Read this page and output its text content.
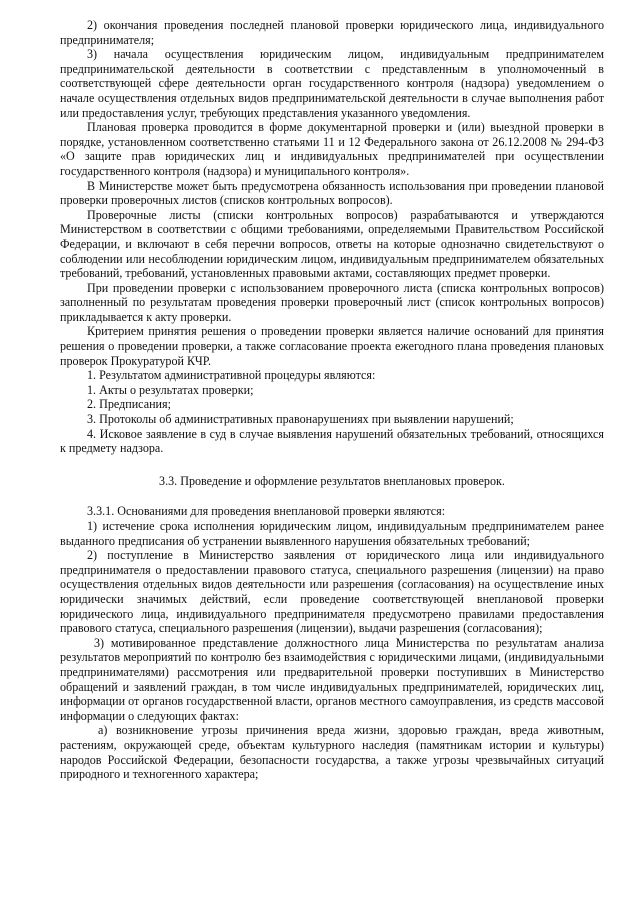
2) окончания проведения последней плановой проверки юридического лица, индивидуального предпринимателя;

3) начала осуществления юридическим лицом, индивидуальным предпринимателем предпринимательской деятельности в соответствии с представленным в уполномоченный в соответствующей сфере деятельности орган государственного контроля (надзора) уведомлением о начале осуществления отдельных видов предпринимательской деятельности в случае выполнения работ или предоставления услуг, требующих представления указанного уведомления.

Плановая проверка проводится в форме документарной проверки и (или) выездной проверки в порядке, установленном соответственно статьями 11 и 12 Федерального закона от 26.12.2008 № 294-ФЗ «О защите прав юридических лиц и индивидуальных предпринимателей при осуществлении государственного контроля (надзора) и муниципального контроля».

В Министерстве может быть предусмотрена обязанность использования при проведении плановой проверки проверочных листов (списков контрольных вопросов).

Проверочные листы (списки контрольных вопросов) разрабатываются и утверждаются Министерством в соответствии с общими требованиями, определяемыми Правительством Российской Федерации, и включают в себя перечни вопросов, ответы на которые однозначно свидетельствуют о соблюдении или несоблюдении юридическим лицом, индивидуальным предпринимателем обязательных требований, требований, установленных правовыми актами, составляющих предмет проверки.

При проведении проверки с использованием проверочного листа (списка контрольных вопросов) заполненный по результатам проведения проверки проверочный лист (список контрольных вопросов) прикладывается к акту проверки.

Критерием принятия решения о проведении проверки является наличие оснований для принятия решения о проведении проверки, а также согласование проекта ежегодного плана проведения плановых проверок Прокуратурой КЧР.

1. Результатом административной процедуры являются:

1. Акты о результатах проверки;

2. Предписания;

3. Протоколы об административных правонарушениях при выявлении нарушений;

4. Исковое заявление в суд в случае выявления нарушений обязательных требований, относящихся к предмету надзора.

3.3. Проведение и оформление результатов внеплановых проверок.

3.3.1. Основаниями для проведения внеплановой проверки являются:

1) истечение срока исполнения юридическим лицом, индивидуальным предпринимателем ранее выданного предписания об устранении выявленного нарушения обязательных требований;

2) поступление в Министерство заявления от юридического лица или индивидуального предпринимателя о предоставлении правового статуса, специального разрешения (лицензии) на право осуществления отдельных видов деятельности или разрешения (согласования) на осуществление иных юридически значимых действий, если проведение соответствующей внеплановой проверки юридического лица, индивидуального предпринимателя предусмотрено правилами предоставления правового статуса, специального разрешения (лицензии), выдачи разрешения (согласования);

3) мотивированное представление должностного лица Министерства по результатам анализа результатов мероприятий по контролю без взаимодействия с юридическими лицами, (индивидуальными предпринимателями) рассмотрения или предварительной проверки поступивших в Министерство обращений и заявлений граждан, в том числе индивидуальных предпринимателей, юридических лиц, информации от органов государственной власти, органов местного самоуправления, из средств массовой информации о следующих фактах:

а) возникновение угрозы причинения вреда жизни, здоровью граждан, вреда животным, растениям, окружающей среде, объектам культурного наследия (памятникам истории и культуры) народов Российской Федерации, безопасности государства, а также угрозы чрезвычайных ситуаций природного и техногенного характера;
